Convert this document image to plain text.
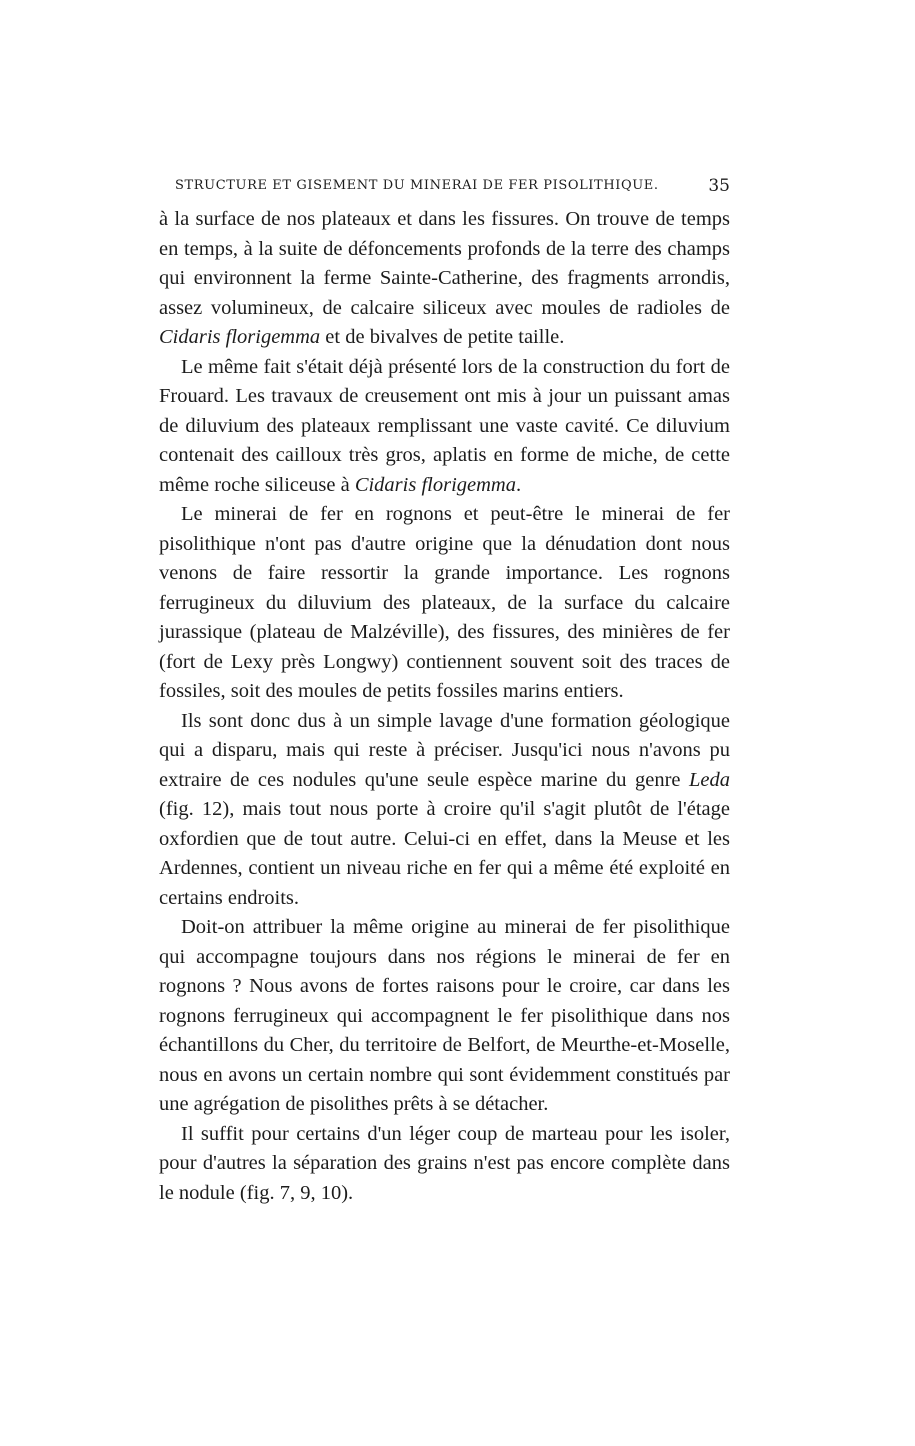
STRUCTURE ET GISEMENT DU MINERAI DE FER PISOLITHIQUE.	35

à la surface de nos plateaux et dans les fissures. On trouve de temps en temps, à la suite de défoncements profonds de la terre des champs qui environnent la ferme Sainte-Catherine, des fragments arrondis, assez volumineux, de calcaire siliceux avec moules de radioles de Cidaris florigemma et de bivalves de petite taille.

Le même fait s'était déjà présenté lors de la construction du fort de Frouard. Les travaux de creusement ont mis à jour un puissant amas de diluvium des plateaux remplissant une vaste cavité. Ce diluvium contenait des cailloux très gros, aplatis en forme de miche, de cette même roche siliceuse à Cidaris florigemma.

Le minerai de fer en rognons et peut-être le minerai de fer pisolithique n'ont pas d'autre origine que la dénudation dont nous venons de faire ressortir la grande importance. Les rognons ferrugineux du diluvium des plateaux, de la surface du calcaire jurassique (plateau de Malzéville), des fissures, des minières de fer (fort de Lexy près Longwy) contiennent souvent soit des traces de fossiles, soit des moules de petits fossiles marins entiers.

Ils sont donc dus à un simple lavage d'une formation géologique qui a disparu, mais qui reste à préciser. Jusqu'ici nous n'avons pu extraire de ces nodules qu'une seule espèce marine du genre Leda (fig. 12), mais tout nous porte à croire qu'il s'agit plutôt de l'étage oxfordien que de tout autre. Celui-ci en effet, dans la Meuse et les Ardennes, contient un niveau riche en fer qui a même été exploité en certains endroits.

Doit-on attribuer la même origine au minerai de fer pisolithique qui accompagne toujours dans nos régions le minerai de fer en rognons ? Nous avons de fortes raisons pour le croire, car dans les rognons ferrugineux qui accompagnent le fer pisolithique dans nos échantillons du Cher, du territoire de Belfort, de Meurthe-et-Moselle, nous en avons un certain nombre qui sont évidemment constitués par une agrégation de pisolithes prêts à se détacher.

Il suffit pour certains d'un léger coup de marteau pour les isoler, pour d'autres la séparation des grains n'est pas encore complète dans le nodule (fig. 7, 9, 10).
